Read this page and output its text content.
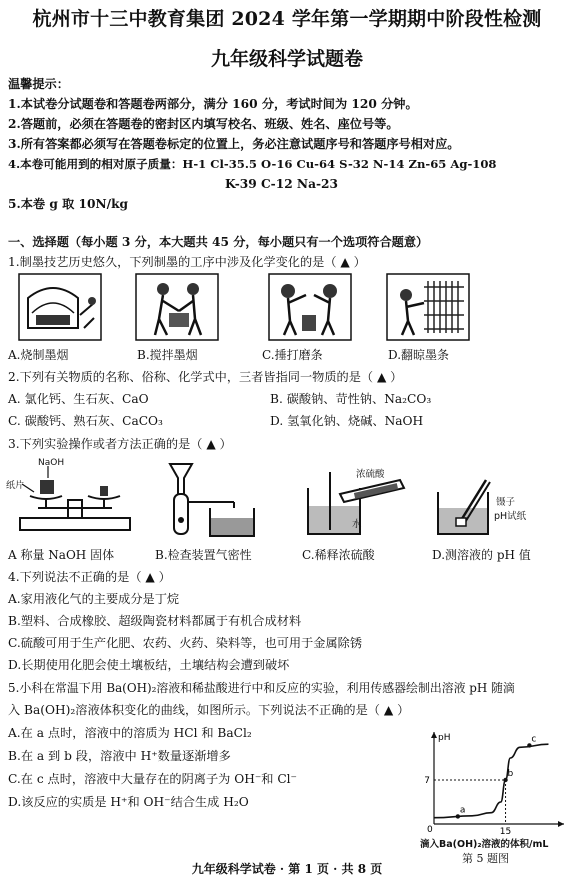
杭州市十三中教育集团 2024 学年第一学期期中阶段性检测
九年级科学试题卷
温馨提示：
1.本试卷分试题卷和答题卷两部分，满分 160 分，考试时间为 120 分钟。
2.答题前，必须在答题卷的密封区内填写校名、班级、姓名、座位号等。
3.所有答案都必须写在答题卷标定的位置上，务必注意试题序号和答题序号相对应。
4.本卷可能用到的相对原子质量：H-1 Cl-35.5 O-16 Cu-64 S-32 N-14 Zn-65 Ag-108
K-39 C-12 Na-23
5.本卷 g 取 10N/kg
一、选择题（每小题 3 分，本大题共 45 分，每小题只有一个选项符合题意）
1.制墨技艺历史悠久，下列制墨的工序中涉及化学变化的是（ ▲ ）
A.烧制墨烟	B.搅拌墨烟	C.捶打磨条	D.翻晾墨条
2.下列有关物质的名称、俗称、化学式中，三者皆指同一物质的是（ ▲ ）
A. 氯化钙、生石灰、CaO	B. 碳酸钠、苛性钠、Na₂CO₃
C. 碳酸钙、熟石灰、CaCO₃	D. 氢氧化钠、烧碱、NaOH
3.下列实验操作或者方法正确的是（ ▲ ）
NaOH
纸片
浓硫酸
水
镊子
pH试纸
A 称量 NaOH 固体	B.检查装置气密性	C.稀释浓硫酸	D.测溶液的 pH 值
4.下列说法不正确的是（ ▲ ）
A.家用液化气的主要成分是丁烷
B.塑料、合成橡胶、超级陶瓷材料都属于有机合成材料
C.硫酸可用于生产化肥、农药、火药、染料等，也可用于金属除锈
D.长期使用化肥会使土壤板结，土壤结构会遭到破坏
5.小科在常温下用 Ba(OH)₂溶液和稀盐酸进行中和反应的实验，利用传感器绘制出溶液 pH 随滴
入 Ba(OH)₂溶液体积变化的曲线，如图所示。下列说法不正确的是（ ▲ ）
A.在 a 点时，溶液中的溶质为 HCl 和 BaCl₂
B.在 a 到 b 段，溶液中 H⁺数量逐渐增多
C.在 c 点时，溶液中大量存在的阴离子为 OH⁻和 Cl⁻
D.该反应的实质是 H⁺和 OH⁻结合生成 H₂O
pH
7
0	15
a
b
c
滴入Ba(OH)₂溶液的体积/mL
第 5 题图
九年级科学试卷 · 第 1 页 · 共 8 页
